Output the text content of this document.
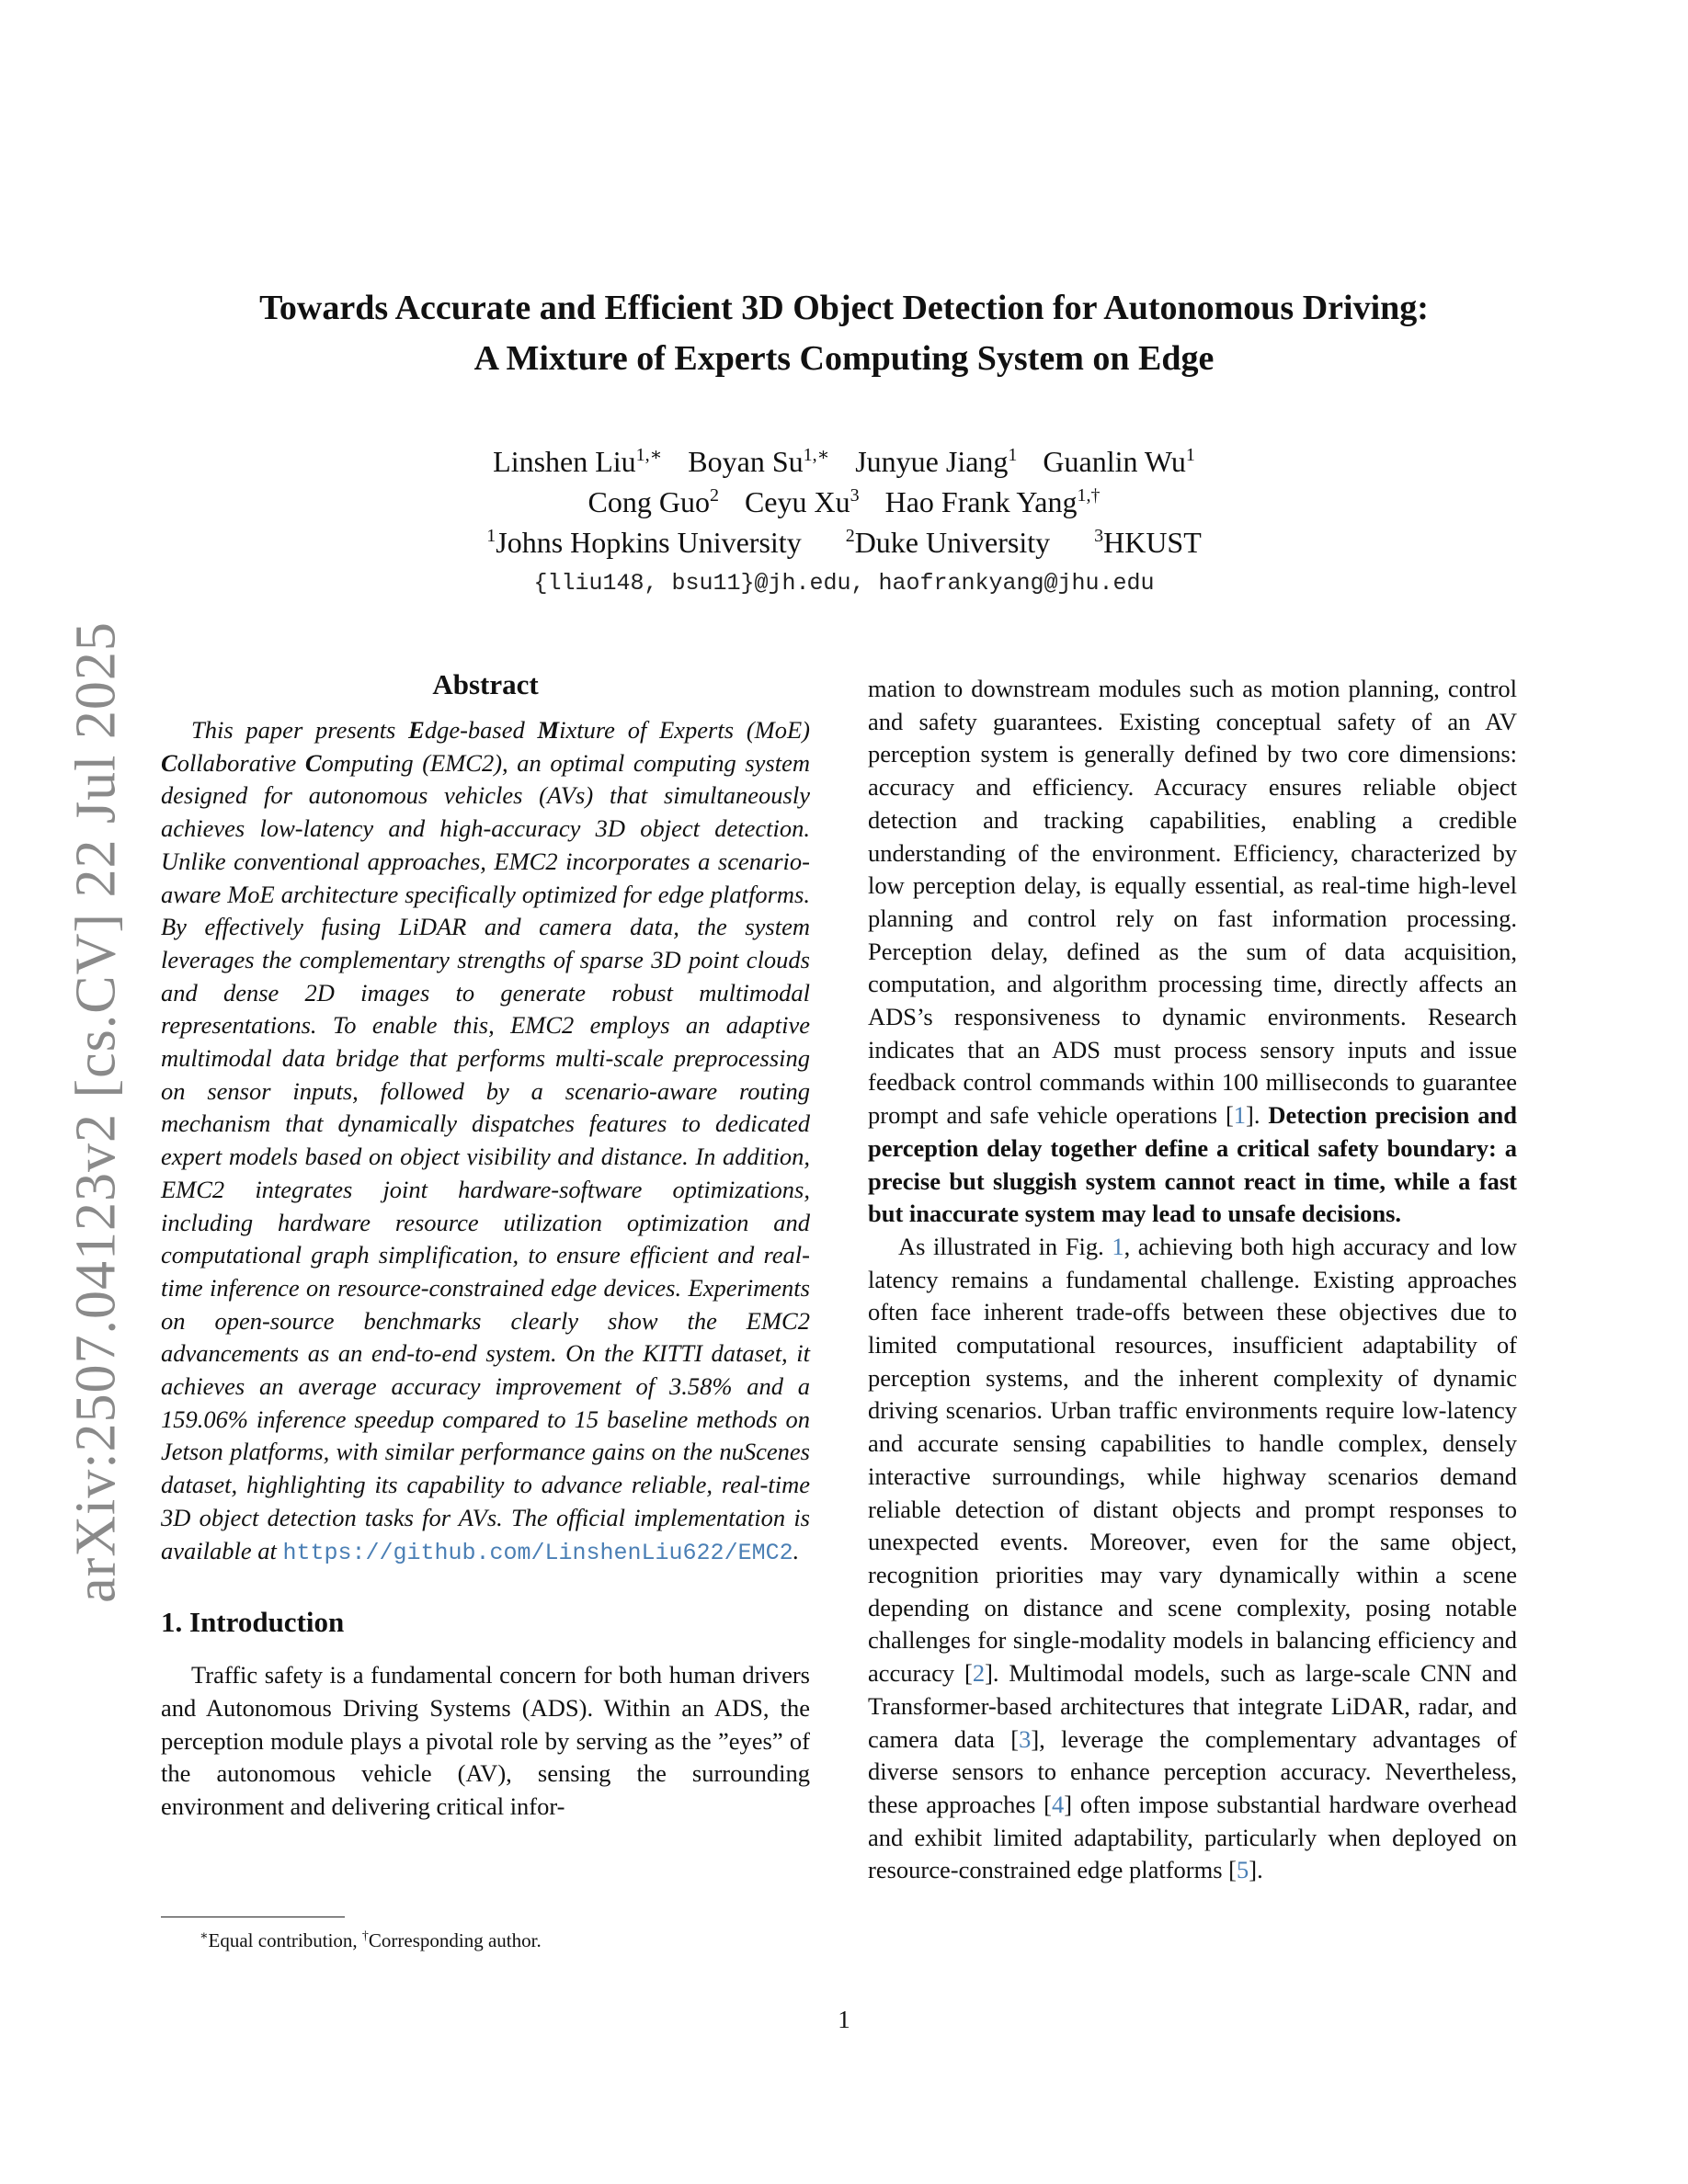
arXiv:2507.04123v2 [cs.CV] 22 Jul 2025
Towards Accurate and Efficient 3D Object Detection for Autonomous Driving:
A Mixture of Experts Computing System on Edge
Linshen Liu$^{1,∗}$ Boyan $Su^{1,∗}$ Junyue Jiang$^1$ Guanlin Wu$^1$
Cong Guo$^2$ Ceyu Xu$^3$ Hao Frank Yang$^{1,\dagger}$
$^1$Johns Hopkins University $^2$Duke University $^3$HKUST
{lliu148, bsu11}@jh.edu, haofrankyang@jhu.edu
Abstract

This paper presents Edge-based Mixture of Experts (MoE) Collaborative Computing (EMC2), an optimal computing system designed for autonomous vehicles (AVs) that simultaneously achieves low-latency and high-accuracy 3D object detection. Unlike conventional approaches, EMC2 incorporates a scenario-aware MoE architecture specifically optimized for edge platforms. By effectively fusing LiDAR and camera data, the system leverages the complementary strengths of sparse 3D point clouds and dense 2D images to generate robust multimodal representations. To enable this, EMC2 employs an adaptive multimodal data bridge that performs multi-scale preprocessing on sensor inputs, followed by a scenario-aware routing mechanism that dynamically dispatches features to dedicated expert models based on object visibility and distance. In addition, EMC2 integrates joint hardware-software optimizations, including hardware resource utilization optimization and computational graph simplification, to ensure efficient and real-time inference on resource-constrained edge devices. Experiments on open-source benchmarks clearly show the EMC2 advancements as an end-to-end system. On the KITTI dataset, it achieves an average accuracy improvement of 3.58% and a 159.06% inference speedup compared to 15 baseline methods on Jetson platforms, with similar performance gains on the nuScenes dataset, highlighting its capability to advance reliable, real-time 3D object detection tasks for AVs. The official implementation is available at https://github.com/LinshenLiu622/EMC2.

1. Introduction

Traffic safety is a fundamental concern for both human drivers and Autonomous Driving Systems (ADS). Within an ADS, the perception module plays a pivotal role by serving as the ”eyes” of the autonomous vehicle (AV), sensing the surrounding environment and delivering critical infor-

mation to downstream modules such as motion planning, control and safety guarantees. Existing conceptual safety of an AV perception system is generally defined by two core dimensions: accuracy and efficiency. Accuracy ensures reliable object detection and tracking capabilities, enabling a credible understanding of the environment. Efficiency, characterized by low perception delay, is equally essential, as real-time high-level planning and control rely on fast information processing. Perception delay, defined as the sum of data acquisition, computation, and algorithm processing time, directly affects an ADS’s responsiveness to dynamic environments. Research indicates that an ADS must process sensory inputs and issue feedback control commands within 100 milliseconds to guarantee prompt and safe vehicle operations [1]. Detection precision and perception delay together define a critical safety boundary: a precise but sluggish system cannot react in time, while a fast but inaccurate system may lead to unsafe decisions.

As illustrated in Fig. 1, achieving both high accuracy and low latency remains a fundamental challenge. Existing approaches often face inherent trade-offs between these objectives due to limited computational resources, insufficient adaptability of perception systems, and the inherent complexity of dynamic driving scenarios. Urban traffic environments require low-latency and accurate sensing capabilities to handle complex, densely interactive surroundings, while highway scenarios demand reliable detection of distant objects and prompt responses to unexpected events. Moreover, even for the same object, recognition priorities may vary dynamically within a scene depending on distance and scene complexity, posing notable challenges for single-modality models in balancing efficiency and accuracy [2]. Multimodal models, such as large-scale CNN and Transformer-based architectures that integrate LiDAR, radar, and camera data [3], leverage the complementary advantages of diverse sensors to enhance perception accuracy. Nevertheless, these approaches [4] often impose substantial hardware overhead and exhibit limited adaptability, particularly when deployed on resource-constrained edge platforms [5].

∗Equal contribution, †Corresponding author.
1
